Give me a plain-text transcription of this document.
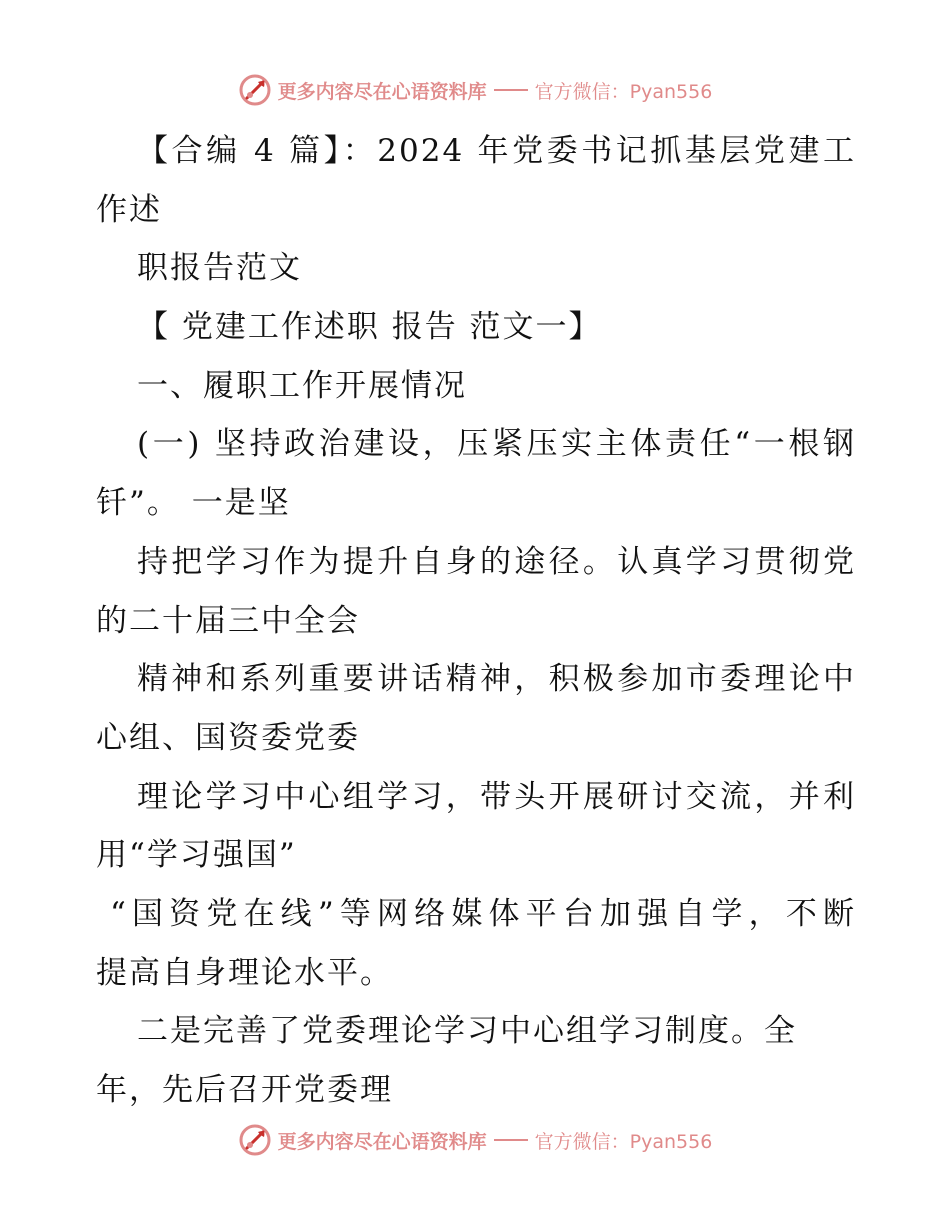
更多内容尽在心语资料库	官方微信：Pyan556
【合编 4 篇】：2024 年党委书记抓基层党建工
作述
职报告范文
【 党建工作述职 报告 范文一】
一、履职工作开展情况
(一) 坚持政治建设，压紧压实主体责任“一根钢
钎”。 一是坚
持把学习作为提升自身的途径。认真学习贯彻党
的二十届三中全会
精神和系列重要讲话精神，积极参加市委理论中
心组、国资委党委
理论学习中心组学习，带头开展研讨交流，并利
用“学习强国”
“国资党在线”等网络媒体平台加强自学，不断
提高自身理论水平。
二是完善了党委理论学习中心组学习制度。全
年，先后召开党委理
更多内容尽在心语资料库	官方微信：Pyan556
